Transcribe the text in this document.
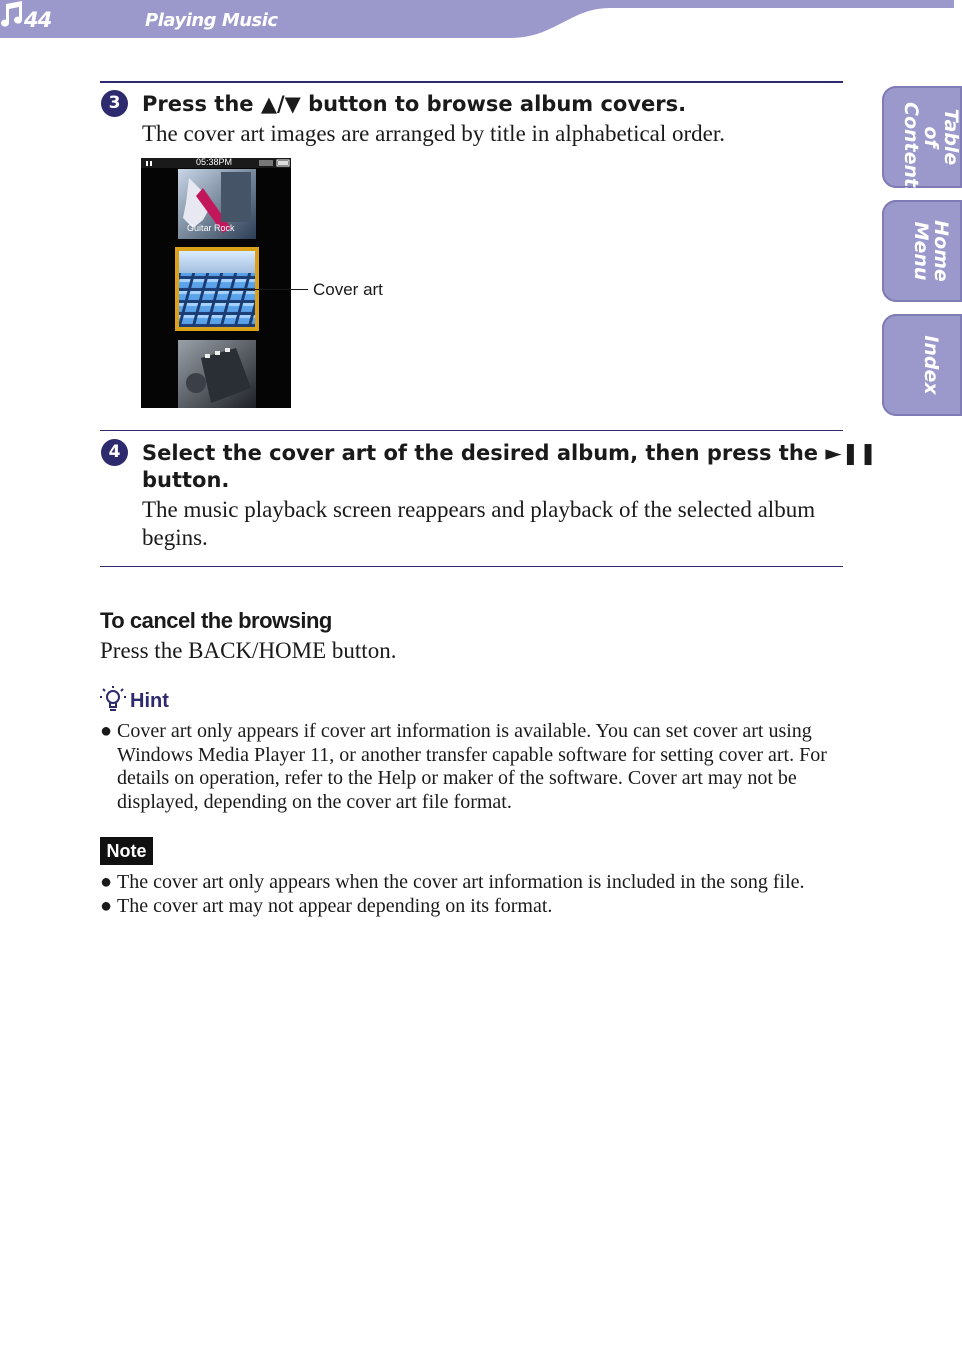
44	Playing Music
Table of
Contents
Home
Menu
Index
3	Press the ▲/▼ button to browse album covers.
The cover art images are arranged by title in alphabetical order.
05:38PM
Guitar Rock
Cover art
4	Select the cover art of the desired album, then press the ►❚❚
button.
The music playback screen reappears and playback of the selected album begins.
To cancel the browsing
Press the BACK/HOME button.
Hint
● Cover art only appears if cover art information is available. You can set cover art using Windows Media Player 11, or another transfer capable software for setting cover art. For details on operation, refer to the Help or maker of the software. Cover art may not be displayed, depending on the cover art file format.
Note
● The cover art only appears when the cover art information is included in the song file.
● The cover art may not appear depending on its format.
